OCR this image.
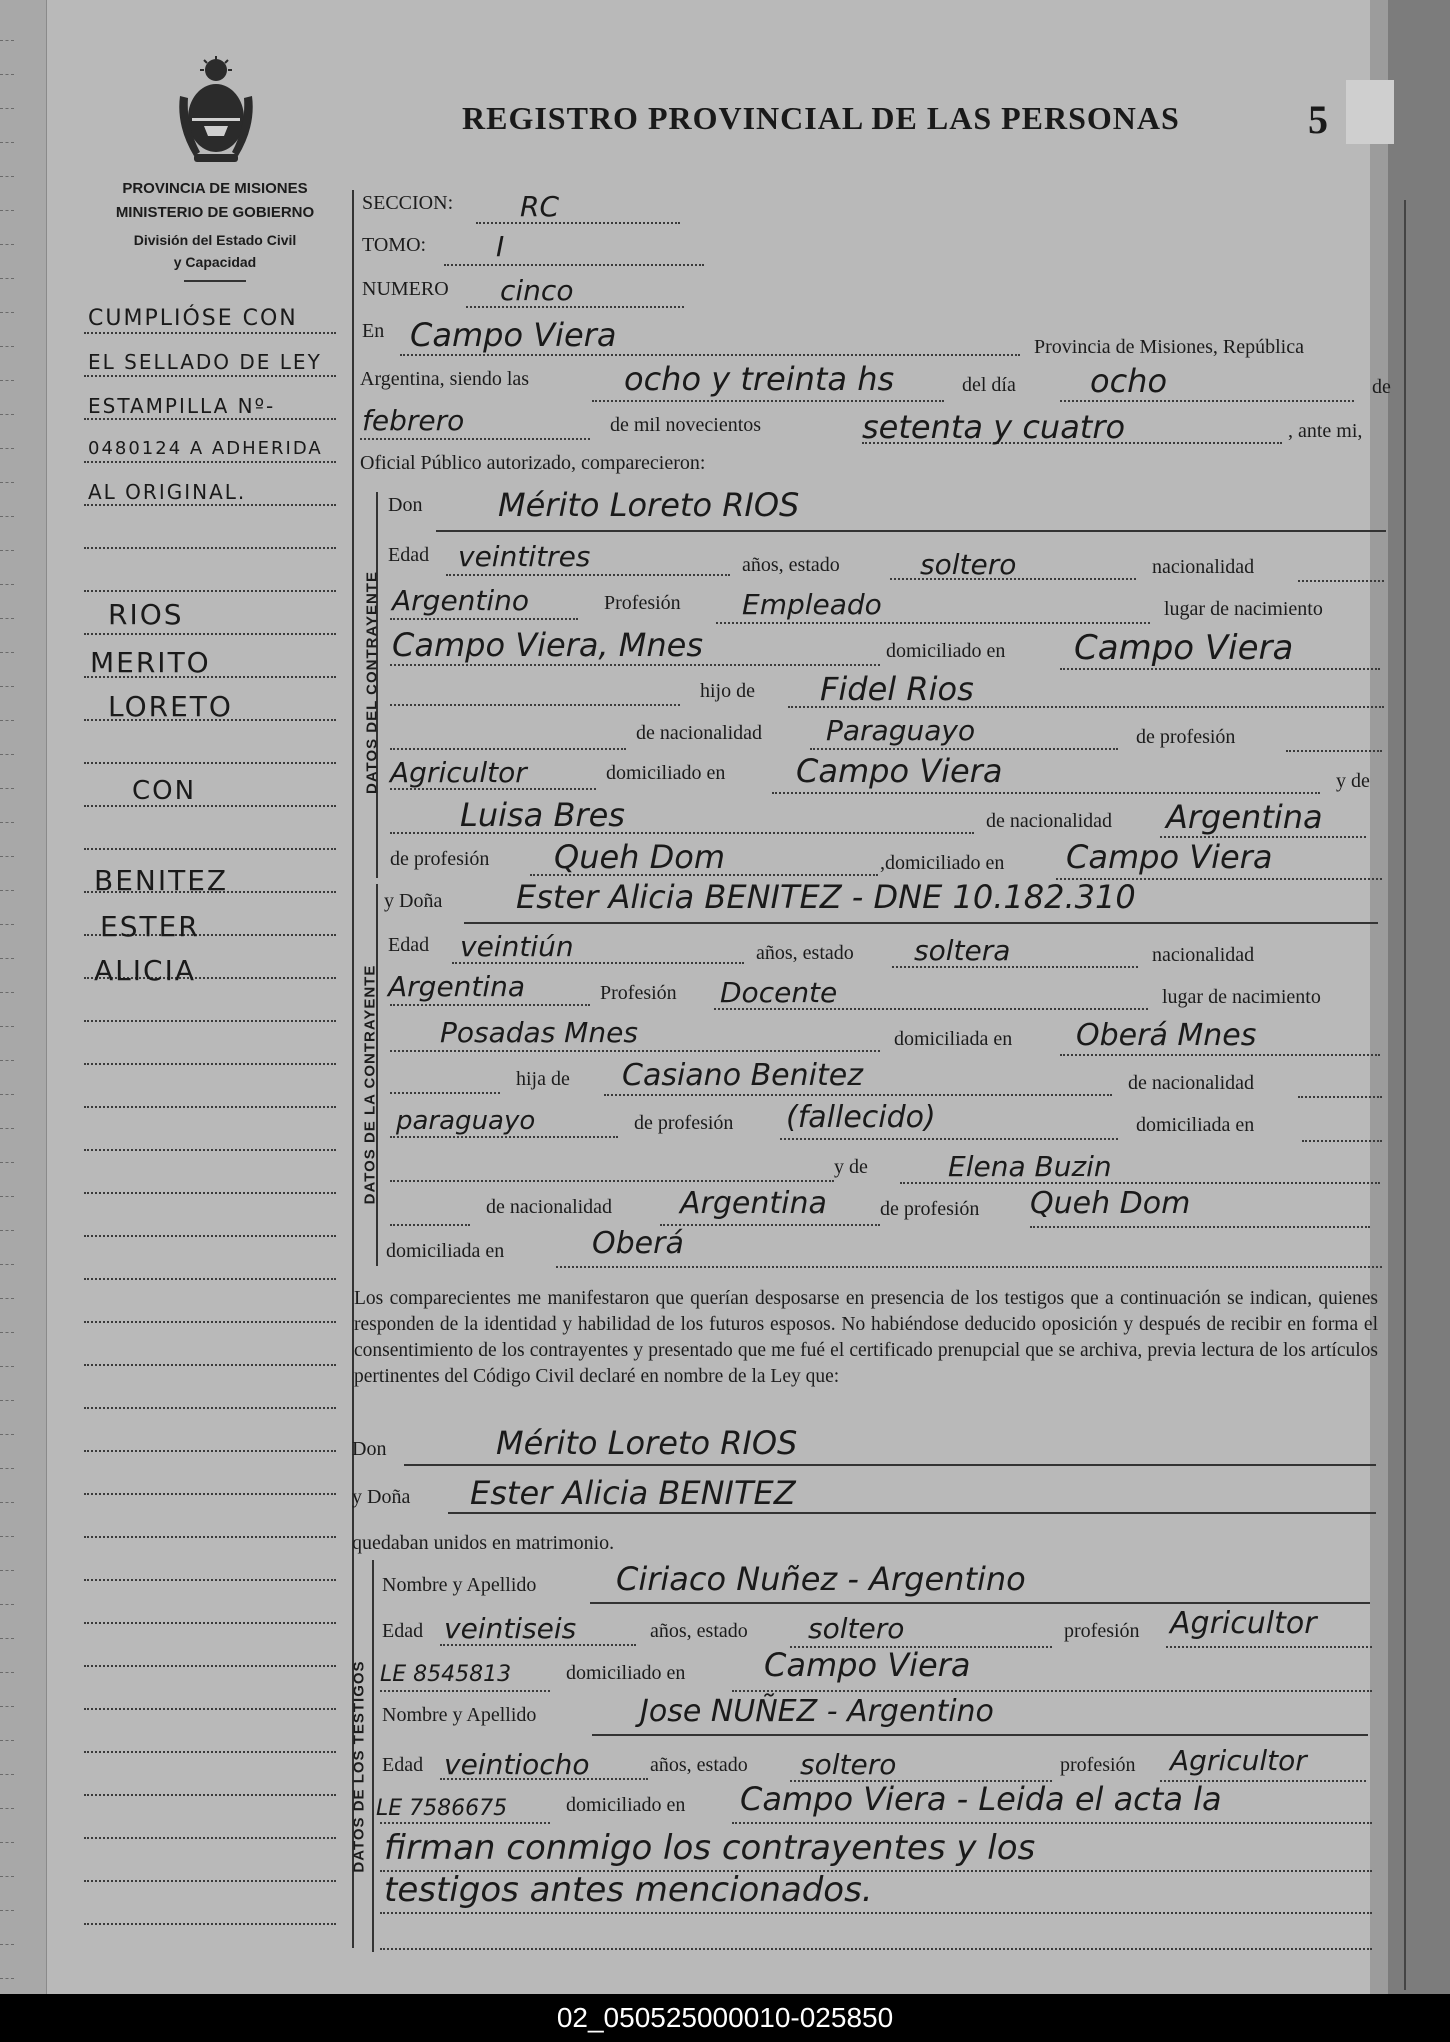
REGISTRO PROVINCIAL DE LAS PERSONAS	5
PROVINCIA DE MISIONES
MINISTERIO DE GOBIERNO
División del Estado Civil
y Capacidad
CUMPLIÓSE CON
EL SELLADO DE LEY
ESTAMPILLA Nº-
0480124 A ADHERIDA
AL ORIGINAL.
RIOS
MERITO
LORETO
CON
BENITEZ
ESTER
ALICIA
SECCION: RC
TOMO: I
NUMERO cinco
En Campo Viera	Provincia de Misiones, República
Argentina, siendo las	ocho y treinta hs	del día ocho	de
febrero	de mil novecientos	setenta y cuatro	, ante mi,
Oficial Público autorizado, comparecieron:
DATOS DEL CONTRAYENTE
Don Mérito Loreto RIOS
Edad veintitres	años, estado	soltero	nacionalidad
Argentino	Profesión Empleado	lugar de nacimiento
Campo Viera, Mnes	domiciliado en Campo Viera
hijo de Fidel Rios
de nacionalidad Paraguayo	de profesión
Agricultor	domiciliado en Campo Viera	y de
Luisa Bres	de nacionalidad Argentina
de profesión Queh Dom	,domiciliado en Campo Viera
DATOS DE LA CONTRAYENTE
y Doña Ester Alicia BENITEZ - DNE 10.182.310
Edad veintiún	años, estado soltera	nacionalidad
Argentina	Profesión Docente	lugar de nacimiento
Posadas Mnes	domiciliada en Oberá Mnes
hija de Casiano Benitez	de nacionalidad
paraguayo	de profesión (fallecido)	domiciliada en
y de	Elena Buzin
de nacionalidad Argentina	de profesión Queh Dom
domiciliada en	Oberá
Los comparecientes me manifestaron que querían desposarse en presencia de los testigos que a continuación se indican, quienes responden de la identidad y habilidad de los futuros esposos. No habiéndose deducido oposición y después de recibir en forma el consentimiento de los contrayentes y presentado que me fué el certificado prenupcial que se archiva, previa lectura de los artículos pertinentes del Código Civil declaré en nombre de la Ley que:
Don	Mérito Loreto RIOS
y Doña Ester Alicia BENITEZ
quedaban unidos en matrimonio.
DATOS DE LOS TESTIGOS
Nombre y Apellido Ciriaco Nuñez - Argentino
Edad veintiseis	años, estado soltero	profesión Agricultor
LE 8545813	domiciliado en Campo Viera
Nombre y Apellido	Jose NUÑEZ - Argentino
Edad veintiocho	años, estado soltero	profesión Agricultor
LE 7586675	domiciliado en Campo Viera - Leida el acta la
firman conmigo los contrayentes y los
testigos antes mencionados.
02_050525000010-025850
